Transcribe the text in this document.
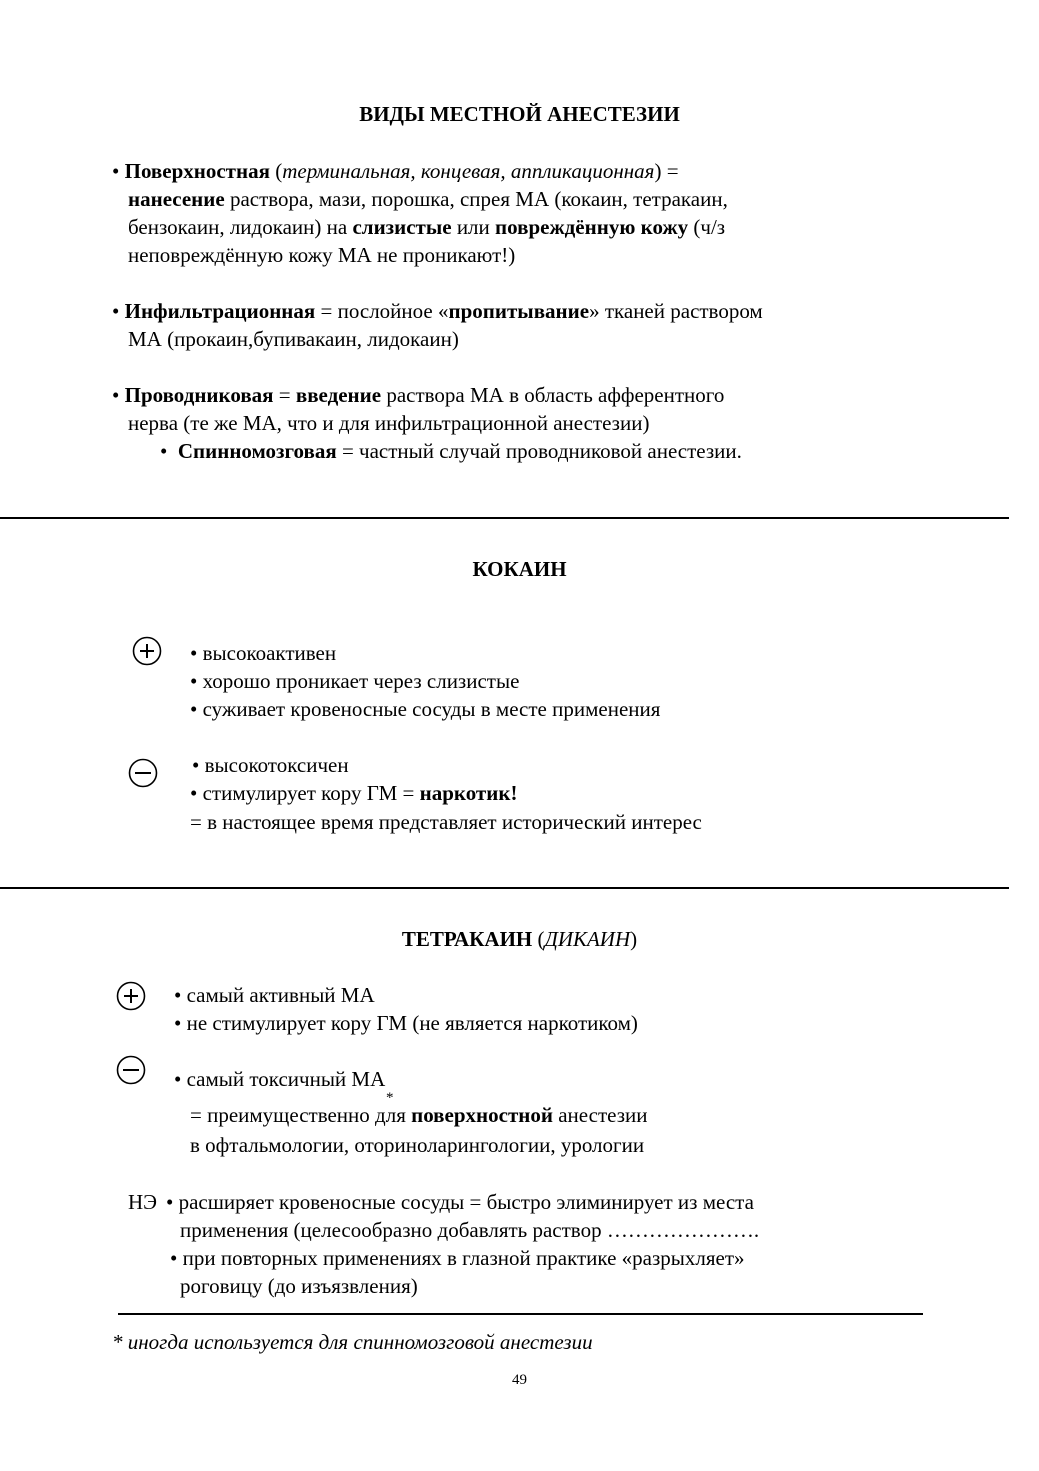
ВИДЫ МЕСТНОЙ АНЕСТЕЗИИ
• Поверхностная (терминальная, концевая, аппликационная) =
нанесение раствора, мази, порошка, спрея МА (кокаин, тетракаин,
бензокаин, лидокаин) на слизистые или повреждённую кожу (ч/з
неповреждённую кожу МА не проникают!)
• Инфильтрационная = послойное «пропитывание» тканей раствором
МА (прокаин,бупивакаин, лидокаин)
• Проводниковая = введение раствора МА в область афферентного
нерва (те же МА, что и для инфильтрационной анестезии)
• Спинномозговая = частный случай проводниковой анестезии.
КОКАИН
• высокоактивен
• хорошо проникает через слизистые
• суживает кровеносные сосуды в месте применения
• высокотоксичен
• стимулирует кору ГМ = наркотик!
= в настоящее время представляет исторический интерес
ТЕТРАКАИН (ДИКАИН)
• самый активный МА
• не стимулирует кору ГМ (не является наркотиком)
• самый токсичный МА
*
= преимущественно для поверхностной анестезии
в офтальмологии, оториноларингологии, урологии
НЭ • расширяет кровеносные сосуды = быстро элиминирует из места
применения (целесообразно добавлять раствор ………………….
• при повторных применениях в глазной практике «разрыхляет»
роговицу (до изъязвления)
* иногда используется для спинномозговой анестезии
49
